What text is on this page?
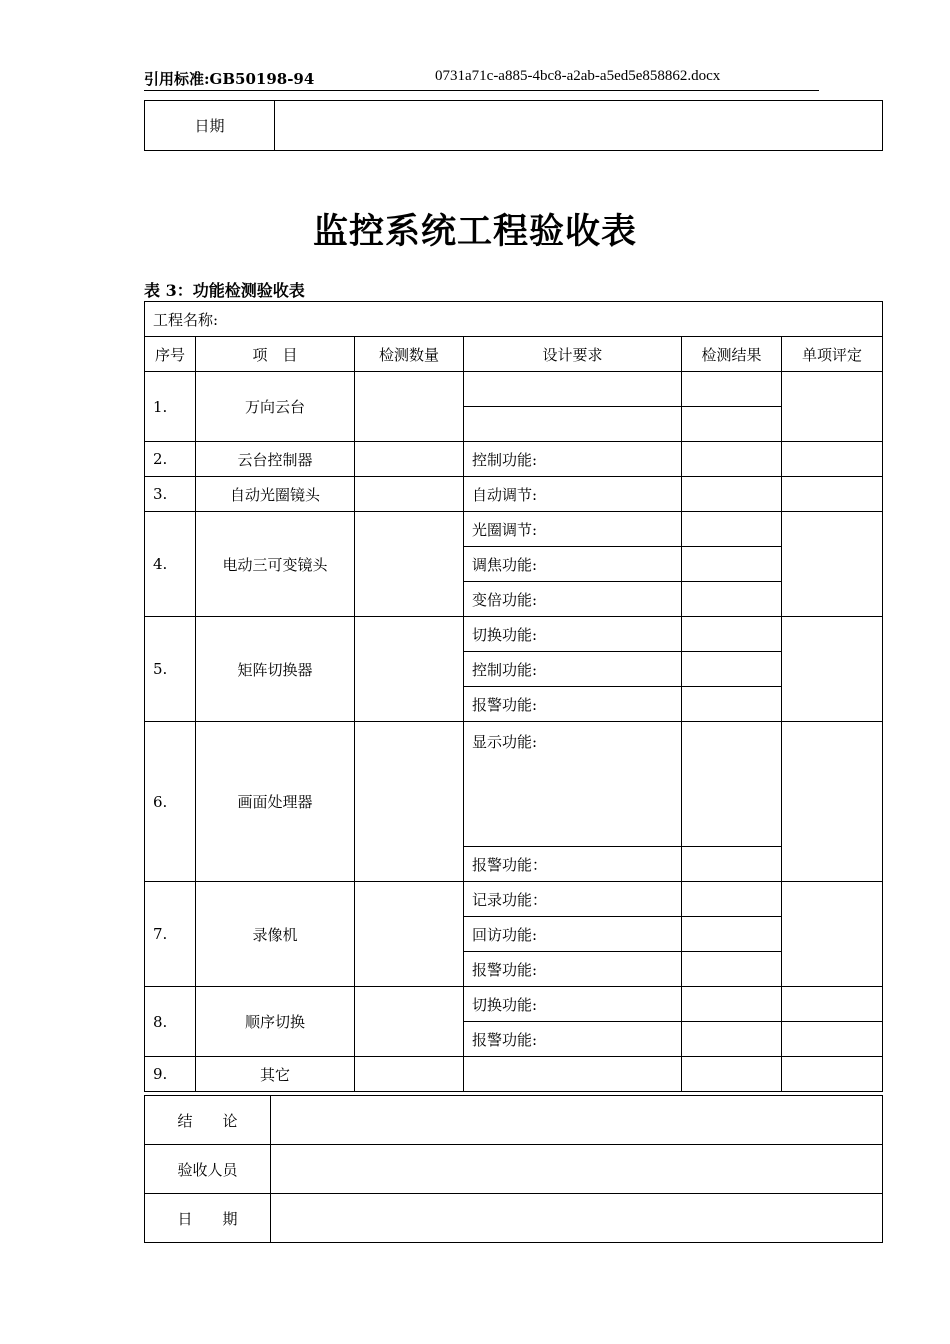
引用标准:GB50198-94	0731a71c-a885-4bc8-a2ab-a5ed5e858862.docx
日期	
监控系统工程验收表
表 3：功能检测验收表
工程名称:					
序号	项　目	检测数量	设计要求	检测结果	单项评定
1.	万向云台				

2.	云台控制器		控制功能:		
3.	自动光圈镜头		自动调节:		
4.	电动三可变镜头		光圈调节:		
			调焦功能:		
			变倍功能:		
5.	矩阵切换器		切换功能:		
			控制功能:		
			报警功能:		
6.	画面处理器		显示功能:		
			报警功能：		
7.	录像机		记录功能：		
			回访功能:		
			报警功能:		
8.	顺序切换		切换功能:		
			报警功能:		
9.	其它				
结　　论	
验收人员	
日　　期	
